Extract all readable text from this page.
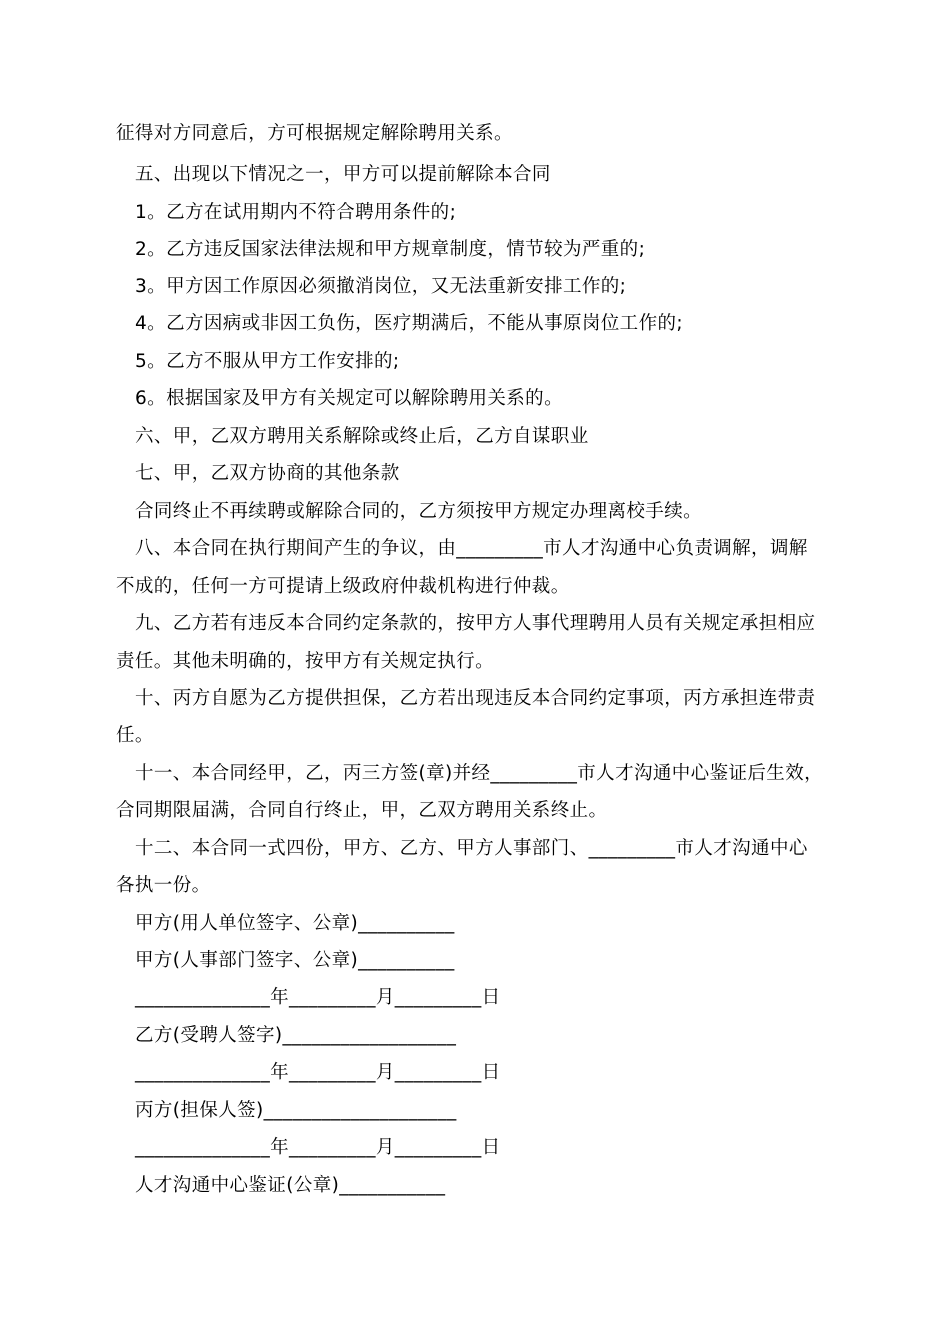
征得对方同意后，方可根据规定解除聘用关系。
五、出现以下情况之一，甲方可以提前解除本合同
1。乙方在试用期内不符合聘用条件的;
2。乙方违反国家法律法规和甲方规章制度，情节较为严重的;
3。甲方因工作原因必须撤消岗位，又无法重新安排工作的;
4。乙方因病或非因工负伤，医疗期满后，不能从事原岗位工作的;
5。乙方不服从甲方工作安排的;
6。根据国家及甲方有关规定可以解除聘用关系的。
六、甲，乙双方聘用关系解除或终止后，乙方自谋职业
七、甲，乙双方协商的其他条款
合同终止不再续聘或解除合同的，乙方须按甲方规定办理离校手续。
八、本合同在执行期间产生的争议，由_________市人才沟通中心负责调解，调解
不成的，任何一方可提请上级政府仲裁机构进行仲裁。
九、乙方若有违反本合同约定条款的，按甲方人事代理聘用人员有关规定承担相应
责任。其他未明确的，按甲方有关规定执行。
十、丙方自愿为乙方提供担保，乙方若出现违反本合同约定事项，丙方承担连带责
任。
十一、本合同经甲，乙，丙三方签(章)并经_________市人才沟通中心鉴证后生效，
合同期限届满，合同自行终止，甲，乙双方聘用关系终止。
十二、本合同一式四份，甲方、乙方、甲方人事部门、_________市人才沟通中心
各执一份。
甲方(用人单位签字、公章)__________
甲方(人事部门签字、公章)__________
______________年_________月_________日
乙方(受聘人签字)__________________
______________年_________月_________日
丙方(担保人签)____________________
______________年_________月_________日
人才沟通中心鉴证(公章)___________
